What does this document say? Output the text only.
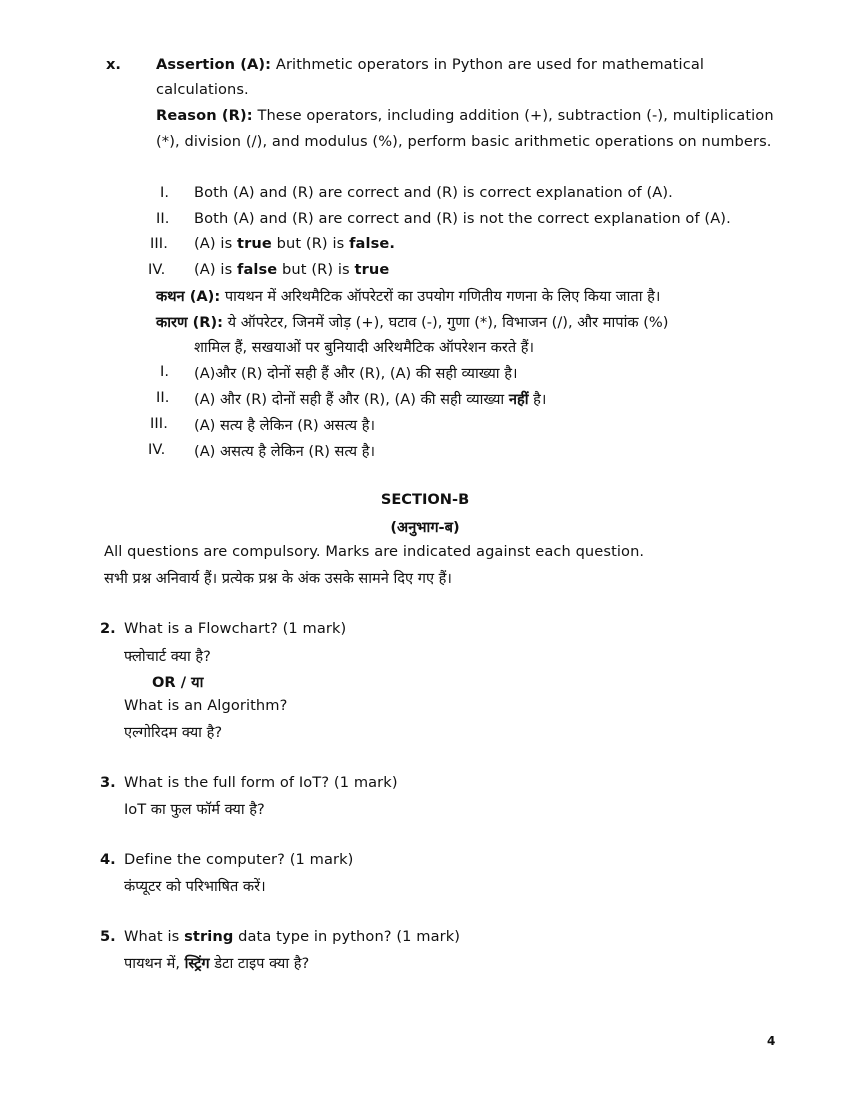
x. Assertion (A): Arithmetic operators in Python are used for mathematical
calculations.
Reason (R): These operators, including addition (+), subtraction (-), multiplication
(*), division (/), and modulus (%), perform basic arithmetic operations on numbers.
I. Both (A) and (R) are correct and (R) is correct explanation of (A).
II. Both (A) and (R) are correct and (R) is not the correct explanation of (A).
III. (A) is true but (R) is false.
IV. (A) is false but (R) is true
कथन (A): पायथन में अरिथमैटिक ऑपरेटरों का उपयोग गणितीय गणना के लिए किया जाता है।
कारण (R): ये ऑपरेटर, जिनमें जोड़ (+), घटाव (-), गुणा (*), विभाजन (/), और मापांक (%)
शामिल हैं, सखयाओं पर बुनियादी अरिथमैटिक ऑपरेशन करते हैं।
I. (A)और (R) दोनों सही हैं और (R), (A) की सही व्याख्या है।
II. (A) और (R) दोनों सही हैं और (R), (A) की सही व्याख्या नहीं है।
III. (A) सत्य है लेकिन (R) असत्य है।
IV. (A) असत्य है लेकिन (R) सत्य है।
SECTION-B
(अनुभाग-ब)
All questions are compulsory. Marks are indicated against each question.
सभी प्रश्न अनिवार्य हैं। प्रत्येक प्रश्न के अंक उसके सामने दिए गए हैं।
2. What is a Flowchart? (1 mark)
फ्लोचार्ट क्या है?
OR / या
What is an Algorithm?
एल्गोरिदम क्या है?
3. What is the full form of IoT? (1 mark)
IoT का फुल फॉर्म क्या है?
4. Define the computer? (1 mark)
कंप्यूटर को परिभाषित करें।
5. What is string data type in python? (1 mark)
पायथन में, स्ट्रिंग डेटा टाइप क्या है?
4
